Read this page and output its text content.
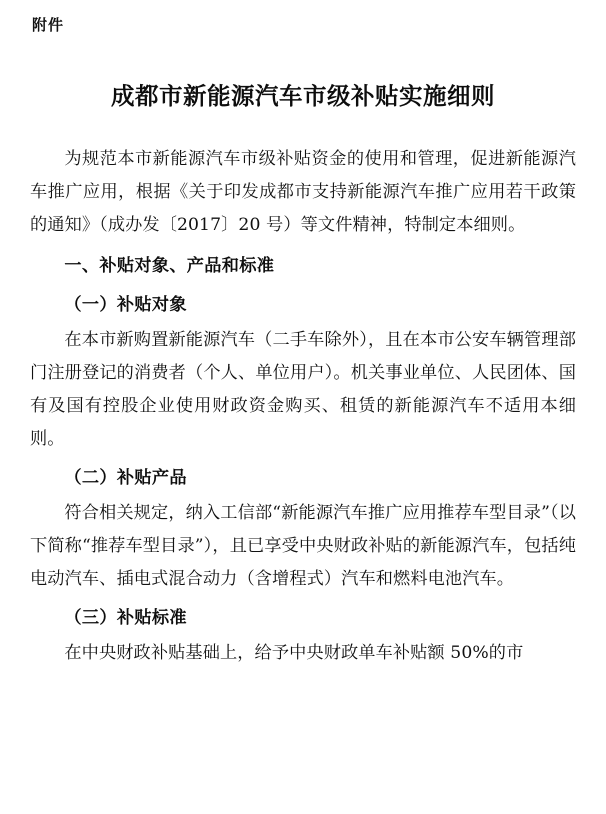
附件
成都市新能源汽车市级补贴实施细则

为规范本市新能源汽车市级补贴资金的使用和管理，促进新能源汽车推广应用，根据《关于印发成都市支持新能源汽车推广应用若干政策的通知》（成办发〔2017〕20 号）等文件精神，特制定本细则。

一、补贴对象、产品和标准
（一）补贴对象

在本市新购置新能源汽车（二手车除外），且在本市公安车辆管理部门注册登记的消费者（个人、单位用户）。机关事业单位、人民团体、国有及国有控股企业使用财政资金购买、租赁的新能源汽车不适用本细则。

（二）补贴产品

符合相关规定，纳入工信部“新能源汽车推广应用推荐车型目录”（以下简称“推荐车型目录”），且已享受中央财政补贴的新能源汽车，包括纯电动汽车、插电式混合动力（含增程式）汽车和燃料电池汽车。

（三）补贴标准

在中央财政补贴基础上，给予中央财政单车补贴额 50%的市
